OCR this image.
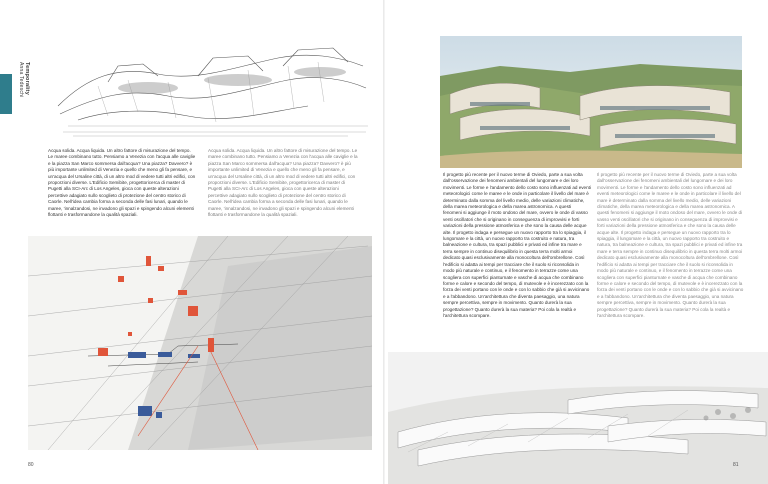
Temporality
Anna Tedeschi
Acqua solida. Acqua liquida. Un altro fattore di misurazione del tempo. Le maree combinano tutto. Pensiamo a Venezia con l'acqua alle caviglie e la piazza San Marco sommersa dall'acqua? Una piazza? Davvero? è più importante unlimited di Venezia e quello che meno gli fa pensare, e un'acqua del Ursaline città, di un altro mod di vedere tutti altri edifici, con proporzioni diverse. L'Edificio Semibite, progettoricerca di master di Pugetti alla SCI-Arc di Los Angeles, gioca con queste alterazioni percettive adagiato sullo scoglieto di protezione del centro storico di Caorle. Nell'idea cambia forma a seconda delle fasi lunari, quando le maree, ‘innalzandosi, ne invadono gli spazi e spingendo alcuni elementi flottanti e trasformandone la qualità spaziali.
Acqua solida. Acqua liquida. Un altro fattore di misurazione del tempo. Le maree combinano tutto. Pensiamo a Venezia con l'acqua alle caviglie e la piazza San Marco sommersa dall'acqua? Una piazza? Davvero? è più importante unlimited di Venezia e quello che meno gli fa pensare, e un'acqua del Ursaline città, di un altro mod di vedere tutti altri edifici, con proporzioni diverse. L'Edificio Semibite, progettoricerca di master di Pugetti alla SCI-Arc di Los Angeles, gioca con queste alterazioni percettive adagiato sullo scoglieto di protezione del centro storico di Caorle. Nell'idea cambia forma a seconda delle fasi lunari, quando le maree, ‘innalzandosi, ne invadono gli spazi e spingendo alcuni elementi flottanti e trasformandone la qualità spaziali.
80
Il progetto più recente per il nuovo terme di Oviedo, parte a sua volta dall'osservazione dei fenomeni ambientali del lungomare e dei loro movimenti. Le forme e l'andamento dello costo sono influenzati ad eventi meteorologici come le maree e le onde in particolare il livello del mare è determinato dalla somma del livello medio, delle variazioni climatiche, della marea meteorologica e della marea astronomica. A questi fenomeni si aggiunge il moto ondoso del mare, ovvero le onde di vasso venti oscillatori che si originano in conseguenza di improvvisi e forti variazioni della pressione atmosferica e che sono la causa delle acque alte. Il progetto indaga e persegue un nuovo rapporto tra lo spiaggia, il lungomare e la città, un nuovo rapporto tra costruito e natura, tra balneazione e cultura, tra spazi pubblici e privati ed infine tra mare e terra sempre in continuo disequilibrio in questa terra molti armoi dedicato quasi esclusivamente alla monocoltura dell'ombrellone. Così l'edificio si adatta ai tempi per tracciare che il suolo si riconsolida in modo più naturale e continuo, e il fenomento in terrazze come una scogliera con superfici pianturnate e vasche di acqua che combinano forme e calore e secondo del tempo, di mutevole e è incerezzato con la forza dei venti portano con le onde e con lo sabbio che già si avvicinano e a l'abbandono. Un'architettura che diventa paesaggio, una natura sempre percettiva, sempre in movimento. Quanto durerà la sua progettazione? Quanto durerà la sua materia? Poi cola la realtà e l'architettura scompare.
Il progetto più recente per il nuovo terme di Oviedo, parte a sua volta dall'osservazione dei fenomeni ambientali del lungomare e dei loro movimenti. Le forme e l'andamento dello costo sono influenzati ad eventi meteorologici come le maree e le onde in particolare il livello del mare è determinato dalla somma del livello medio, delle variazioni climatiche, della marea meteorologica e della marea astronomica. A questi fenomeni si aggiunge il moto ondoso del mare, ovvero le onde di vasso venti oscillatori che si originano in conseguenza di improvvisi e forti variazioni della pressione atmosferica e che sono la causa delle acque alte. Il progetto indaga e persegue un nuovo rapporto tra lo spiaggia, il lungomare e la città, un nuovo rapporto tra costruito e natura, tra balneazione e cultura, tra spazi pubblici e privati ed infine tra mare e terra sempre in continuo disequilibrio in questa terra molti armoi dedicato quasi esclusivamente alla monocoltura dell'ombrellone. Così l'edificio si adatta ai tempi per tracciare che il suolo si riconsolida in modo più naturale e continuo, e il fenomento in terrazze come una scogliera con superfici pianturnate e vasche di acqua che combinano forme e calore e secondo del tempo, di mutevole e è incerezzato con la forza dei venti portano con le onde e con lo sabbio che già si avvicinano e a l'abbandono. Un'architettura che diventa paesaggio, una natura sempre percettiva, sempre in movimento. Quanto durerà la sua progettazione? Quanto durerà la sua materia? Poi cola la realtà e l'architettura scompare.
81
